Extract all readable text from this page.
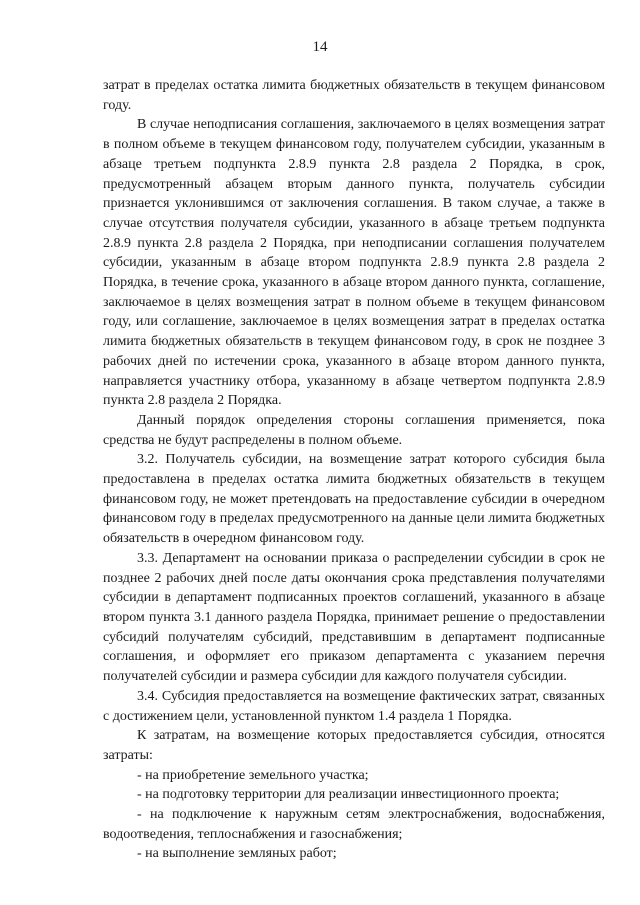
14

затрат в пределах остатка лимита бюджетных обязательств в текущем финансовом году.

В случае неподписания соглашения, заключаемого в целях возмещения затрат в полном объеме в текущем финансовом году, получателем субсидии, указанным в абзаце третьем подпункта 2.8.9 пункта 2.8 раздела 2 Порядка, в срок, предусмотренный абзацем вторым данного пункта, получатель субсидии признается уклонившимся от заключения соглашения. В таком случае, а также в случае отсутствия получателя субсидии, указанного в абзаце третьем подпункта 2.8.9 пункта 2.8 раздела 2 Порядка, при неподписании соглашения получателем субсидии, указанным в абзаце втором подпункта 2.8.9 пункта 2.8 раздела 2 Порядка, в течение срока, указанного в абзаце втором данного пункта, соглашение, заключаемое в целях возмещения затрат в полном объеме в текущем финансовом году, или соглашение, заключаемое в целях возмещения затрат в пределах остатка лимита бюджетных обязательств в текущем финансовом году, в срок не позднее 3 рабочих дней по истечении срока, указанного в абзаце втором данного пункта, направляется участнику отбора, указанному в абзаце четвертом подпункта 2.8.9 пункта 2.8 раздела 2 Порядка.

Данный порядок определения стороны соглашения применяется, пока средства не будут распределены в полном объеме.

3.2. Получатель субсидии, на возмещение затрат которого субсидия была предоставлена в пределах остатка лимита бюджетных обязательств в текущем финансовом году, не может претендовать на предоставление субсидии в очередном финансовом году в пределах предусмотренного на данные цели лимита бюджетных обязательств в очередном финансовом году.

3.3. Департамент на основании приказа о распределении субсидии в срок не позднее 2 рабочих дней после даты окончания срока представления получателями субсидии в департамент подписанных проектов соглашений, указанного в абзаце втором пункта 3.1 данного раздела Порядка, принимает решение о предоставлении субсидий получателям субсидий, представившим в департамент подписанные соглашения, и оформляет его приказом департамента с указанием перечня получателей субсидии и размера субсидии для каждого получателя субсидии.

3.4. Субсидия предоставляется на возмещение фактических затрат, связанных с достижением цели, установленной пунктом 1.4 раздела 1 Порядка.

К затратам, на возмещение которых предоставляется субсидия, относятся затраты:

- на приобретение земельного участка;

- на подготовку территории для реализации инвестиционного проекта;

- на подключение к наружным сетям электроснабжения, водоснабжения, водоотведения, теплоснабжения и газоснабжения;

- на выполнение земляных работ;
